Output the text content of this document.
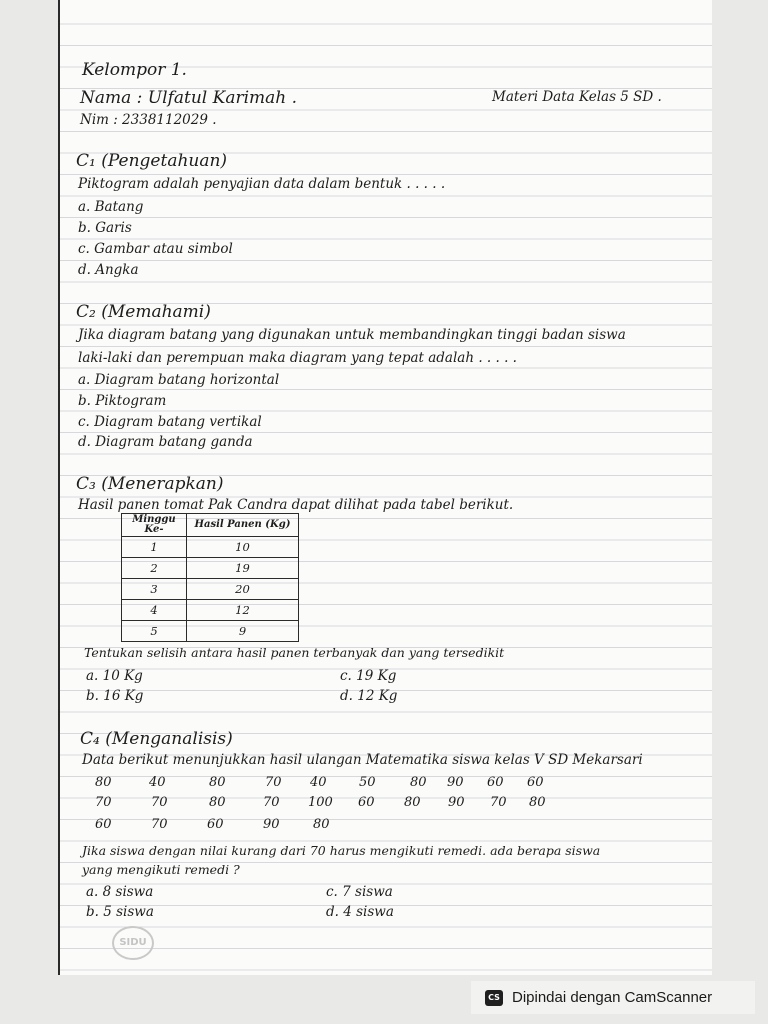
Kelompor 1.
Nama : Ulfatul Karimah .	Materi Data Kelas 5 SD .
Nim : 2338112029 .
C₁ (Pengetahuan)
Piktogram adalah penyajian data dalam bentuk . . . . .
a. Batang
b. Garis
c. Gambar atau simbol
d. Angka
C₂ (Memahami)
Jika diagram batang yang digunakan untuk membandingkan tinggi badan siswa
laki-laki dan perempuan maka diagram yang tepat adalah . . . . .
a. Diagram batang horizontal
b. Piktogram
c. Diagram batang vertikal
d. Diagram batang ganda
C₃ (Menerapkan)
Hasil panen tomat Pak Candra dapat dilihat pada tabel berikut.
Minggu Ke-	Hasil Panen (Kg)
1	10
2	19
3	20
4	12
5	9
Tentukan selisih antara hasil panen terbanyak dan yang tersedikit
a. 10 Kg	c. 19 Kg
b. 16 Kg	d. 12 Kg
C₄ (Menganalisis)
Data berikut menunjukkan hasil ulangan Matematika siswa kelas V SD Mekarsari
80	40	80	70 40 50	80 90 60 60
70	70	80	70 100 60 80 90 70 80
60	70	60	90	80
Jika siswa dengan nilai kurang dari 70 harus mengikuti remedi. ada berapa siswa
yang mengikuti remedi ?
a. 8 siswa	c. 7 siswa
b. 5 siswa	d. 4 siswa
SIDU
CS Dipindai dengan CamScanner
